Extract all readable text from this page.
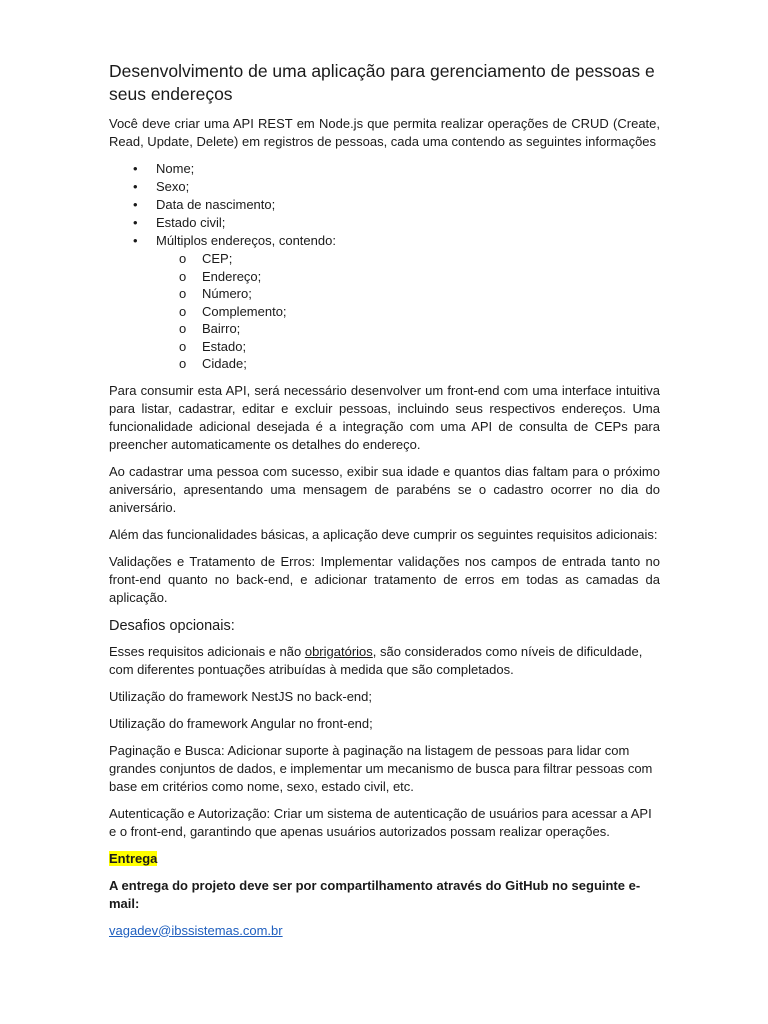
Desenvolvimento de uma aplicação para gerenciamento de pessoas e seus endereços

Você deve criar uma API REST em Node.js que permita realizar operações de CRUD (Create, Read, Update, Delete) em registros de pessoas, cada uma contendo as seguintes informações

• Nome;
• Sexo;
• Data de nascimento;
• Estado civil;
• Múltiplos endereços, contendo:
o CEP;
o Endereço;
o Número;
o Complemento;
o Bairro;
o Estado;
o Cidade;

Para consumir esta API, será necessário desenvolver um front-end com uma interface intuitiva para listar, cadastrar, editar e excluir pessoas, incluindo seus respectivos endereços. Uma funcionalidade adicional desejada é a integração com uma API de consulta de CEPs para preencher automaticamente os detalhes do endereço.

Ao cadastrar uma pessoa com sucesso, exibir sua idade e quantos dias faltam para o próximo aniversário, apresentando uma mensagem de parabéns se o cadastro ocorrer no dia do aniversário.

Além das funcionalidades básicas, a aplicação deve cumprir os seguintes requisitos adicionais:

Validações e Tratamento de Erros: Implementar validações nos campos de entrada tanto no front-end quanto no back-end, e adicionar tratamento de erros em todas as camadas da aplicação.

Desafios opcionais:

Esses requisitos adicionais e não obrigatórios, são considerados como níveis de dificuldade, com diferentes pontuações atribuídas à medida que são completados.

Utilização do framework NestJS no back-end;

Utilização do framework Angular no front-end;

Paginação e Busca: Adicionar suporte à paginação na listagem de pessoas para lidar com grandes conjuntos de dados, e implementar um mecanismo de busca para filtrar pessoas com base em critérios como nome, sexo, estado civil, etc.

Autenticação e Autorização: Criar um sistema de autenticação de usuários para acessar a API e o front-end, garantindo que apenas usuários autorizados possam realizar operações.

Entrega

A entrega do projeto deve ser por compartilhamento através do GitHub no seguinte e-mail:

vagadev@ibssistemas.com.br
